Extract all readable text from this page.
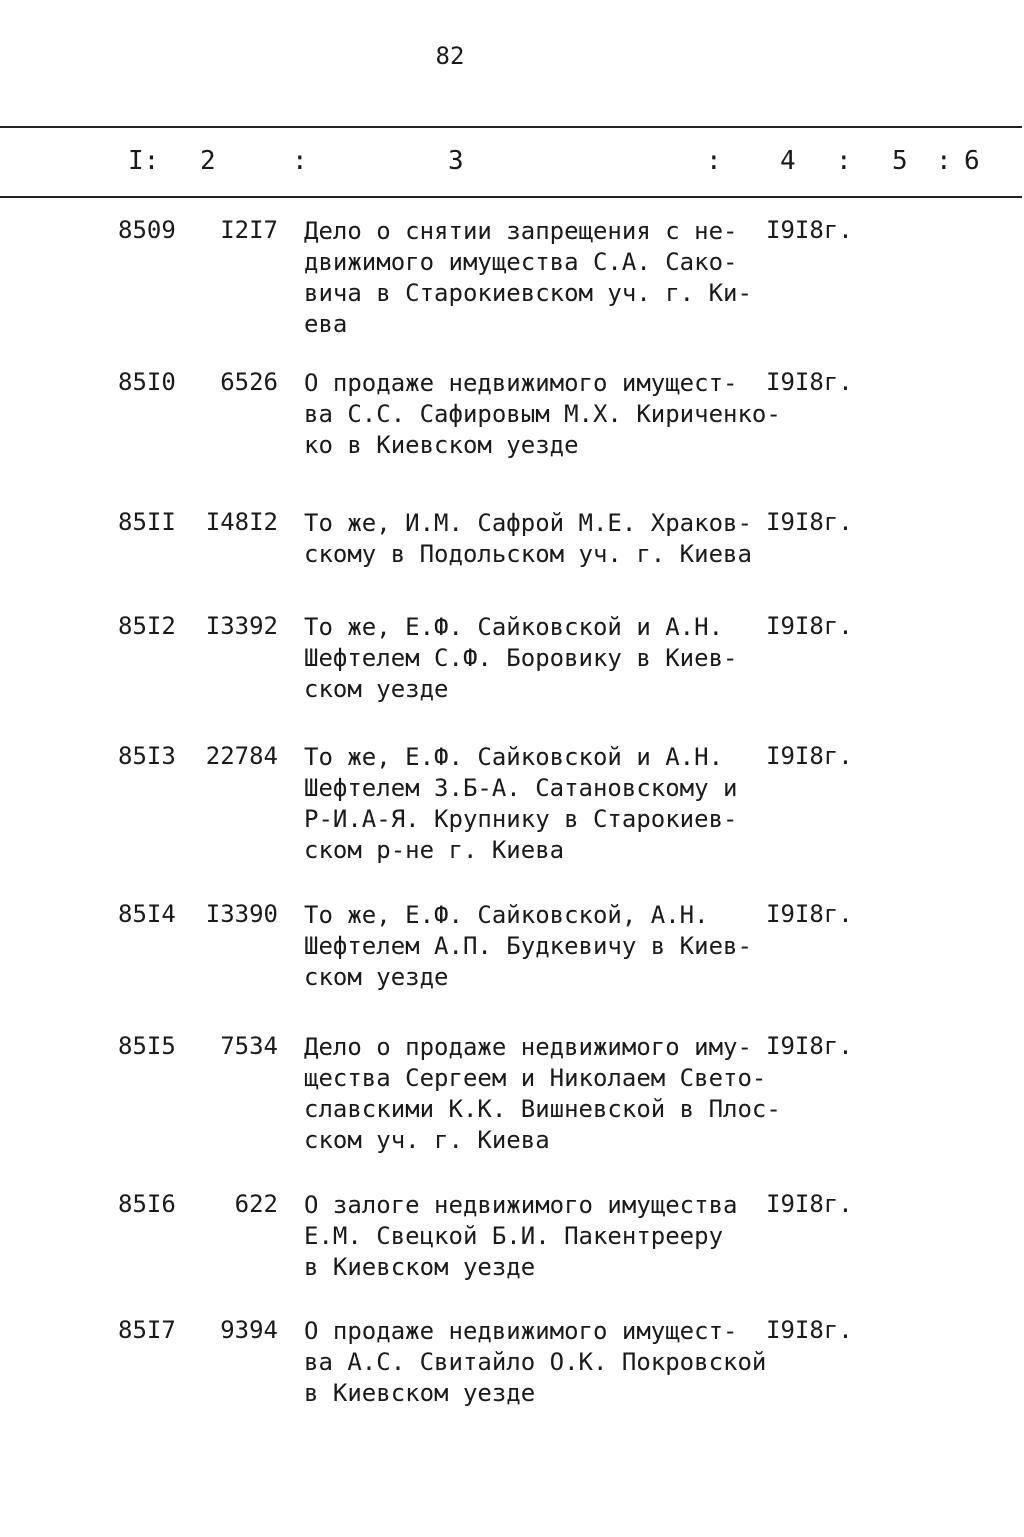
82
I: 2	:	3	: 4 : 5 : 6
8509	I2I7 Дело о снятии запрещения с не-
движимого имущества С.А. Сако-
вича в Старокиевском уч. г. Ки-
ева
I9I8г.
85I0	6526 О продаже недвижимого имущест-
ва С.С. Сафировым М.Х. Кириченко-
ко в Киевском уезде
I9I8г.
85II	I48I2 То же, И.М. Сафрой М.Е. Храков-
скому в Подольском уч. г. Киева
I9I8г.
85I2	I3392 То же, Е.Ф. Сайковской и А.Н.
Шефтелем С.Ф. Боровику в Киев-
ском уезде
I9I8г.
85I3	22784 То же, Е.Ф. Сайковской и А.Н.
Шефтелем З.Б-А. Сатановскому и
Р-И.А-Я. Крупнику в Старокиев-
ском р-не г. Киева
I9I8г.
85I4	I3390 То же, Е.Ф. Сайковской, А.Н.
Шефтелем А.П. Будкевичу в Киев-
ском уезде
I9I8г.
85I5	7534 Дело о продаже недвижимого иму-
щества Сергеем и Николаем Свето-
славскими К.К. Вишневской в Плос-
ском уч. г. Киева
I9I8г.
85I6	622 О залоге недвижимого имущества
Е.М. Свецкой Б.И. Пакентрееру
в Киевском уезде
I9I8г.
85I7	9394 О продаже недвижимого имущест-
ва А.С. Свитайло О.К. Покровской
в Киевском уезде
I9I8г.
